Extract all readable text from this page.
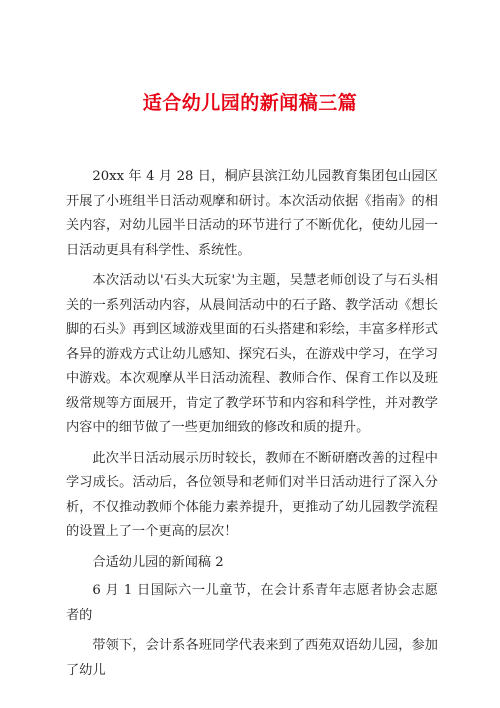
适合幼儿园的新闻稿三篇

20xx 年 4 月 28 日，桐庐县滨江幼儿园教育集团包山园区开展了小班组半日活动观摩和研讨。本次活动依据《指南》的相关内容，对幼儿园半日活动的环节进行了不断优化，使幼儿园一日活动更具有科学性、系统性。

本次活动以'石头大玩家'为主题，吴慧老师创设了与石头相关的一系列活动内容，从晨间活动中的石子路、教学活动《想长脚的石头》再到区域游戏里面的石头搭建和彩绘，丰富多样形式各异的游戏方式让幼儿感知、探究石头，在游戏中学习，在学习中游戏。本次观摩从半日活动流程、教师合作、保育工作以及班级常规等方面展开，肯定了教学环节和内容和科学性，并对教学内容中的细节做了一些更加细致的修改和质的提升。

此次半日活动展示历时较长，教师在不断研磨改善的过程中学习成长。活动后，各位领导和老师们对半日活动进行了深入分析，不仅推动教师个体能力素养提升，更推动了幼儿园教学流程的设置上了一个更高的层次！

合适幼儿园的新闻稿 2

6 月 1 日国际六一儿童节，在会计系青年志愿者协会志愿者的

带领下，会计系各班同学代表来到了西苑双语幼儿园，参加了幼儿
